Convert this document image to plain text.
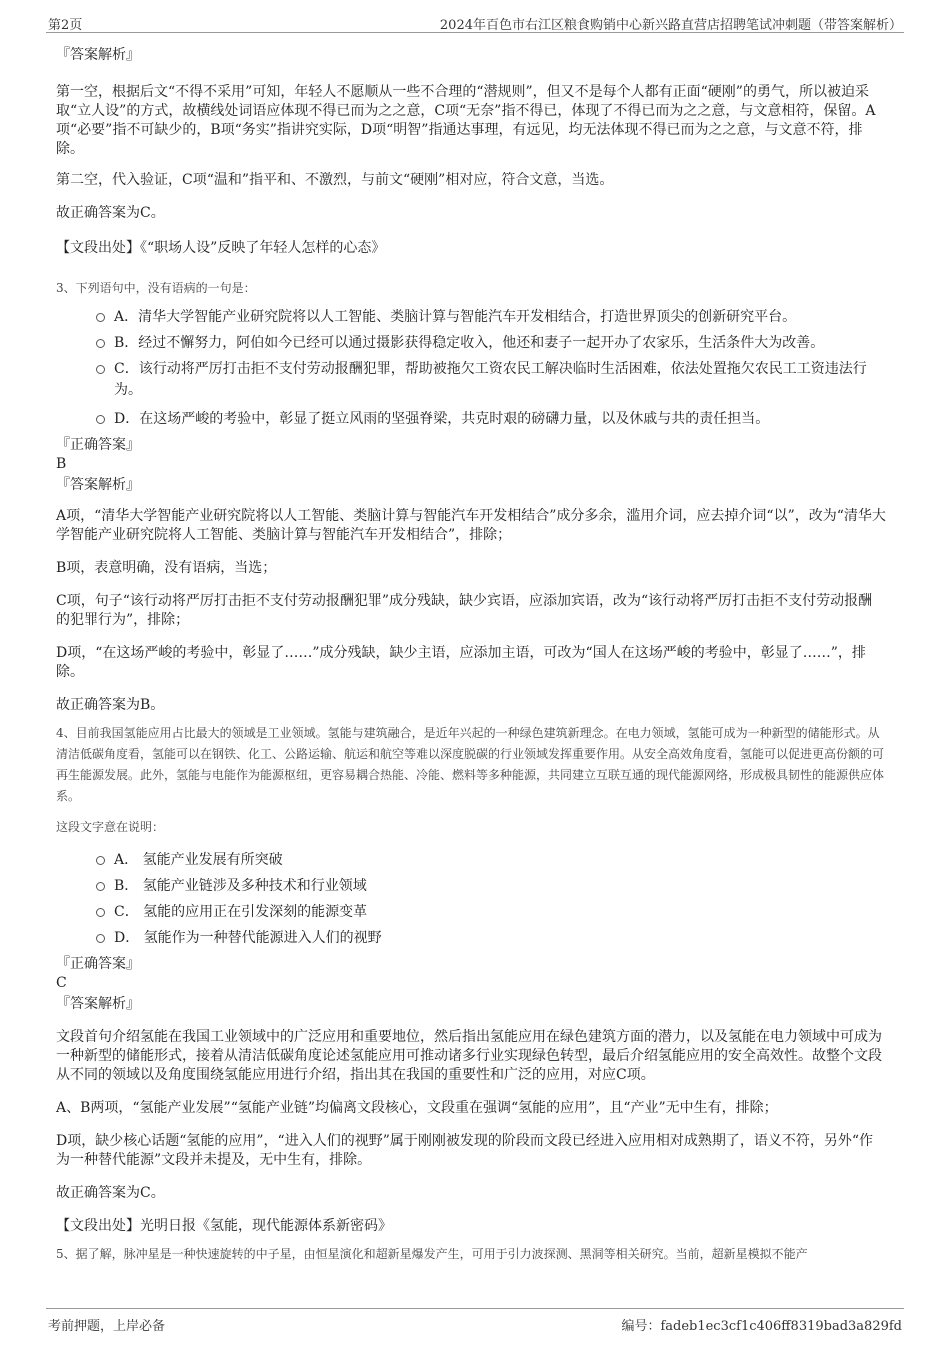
第2页	2024年百色市右江区粮食购销中心新兴路直营店招聘笔试冲刺题（带答案解析）

『答案解析』

第一空，根据后文“不得不采用”可知，年轻人不愿顺从一些不合理的“潜规则”，但又不是每个人都有正面“硬刚”的勇气，所以被迫采取“立人设”的方式，故横线处词语应体现不得已而为之之意，C项“无奈”指不得已，体现了不得已而为之之意，与文意相符，保留。A项“必要”指不可缺少的，B项“务实”指讲究实际，D项“明智”指通达事理，有远见，均无法体现不得已而为之之意，与文意不符，排除。

第二空，代入验证，C项“温和”指平和、不激烈，与前文“硬刚”相对应，符合文意，当选。

故正确答案为C。

【文段出处】《“职场人设”反映了年轻人怎样的心态》

3、下列语句中，没有语病的一句是：

A．清华大学智能产业研究院将以人工智能、类脑计算与智能汽车开发相结合，打造世界顶尖的创新研究平台。
B．经过不懈努力，阿伯如今已经可以通过摄影获得稳定收入，他还和妻子一起开办了农家乐，生活条件大为改善。
C．该行动将严厉打击拒不支付劳动报酬犯罪，帮助被拖欠工资农民工解决临时生活困难，依法处置拖欠农民工工资违法行为。
D．在这场严峻的考验中，彰显了挺立风雨的坚强脊梁，共克时艰的磅礴力量，以及休戚与共的责任担当。

『正确答案』

B

『答案解析』

A项，“清华大学智能产业研究院将以人工智能、类脑计算与智能汽车开发相结合”成分多余，滥用介词，应去掉介词“以”，改为“清华大学智能产业研究院将人工智能、类脑计算与智能汽车开发相结合”，排除；

B项，表意明确，没有语病，当选；

C项，句子“该行动将严厉打击拒不支付劳动报酬犯罪”成分残缺，缺少宾语，应添加宾语，改为“该行动将严厉打击拒不支付劳动报酬的犯罪行为”，排除；

D项，“在这场严峻的考验中，彰显了……”成分残缺，缺少主语，应添加主语，可改为“国人在这场严峻的考验中，彰显了……”，排除。

故正确答案为B。

4、目前我国氢能应用占比最大的领域是工业领域。氢能与建筑融合，是近年兴起的一种绿色建筑新理念。在电力领域，氢能可成为一种新型的储能形式。从清洁低碳角度看，氢能可以在钢铁、化工、公路运输、航运和航空等难以深度脱碳的行业领域发挥重要作用。从安全高效角度看，氢能可以促进更高份额的可再生能源发展。此外，氢能与电能作为能源枢纽，更容易耦合热能、冷能、燃料等多种能源，共同建立互联互通的现代能源网络，形成极具韧性的能源供应体系。

这段文字意在说明：

A． 氢能产业发展有所突破
B． 氢能产业链涉及多种技术和行业领域
C． 氢能的应用正在引发深刻的能源变革
D． 氢能作为一种替代能源进入人们的视野

『正确答案』

C

『答案解析』

文段首句介绍氢能在我国工业领域中的广泛应用和重要地位，然后指出氢能应用在绿色建筑方面的潜力，以及氢能在电力领域中可成为一种新型的储能形式，接着从清洁低碳角度论述氢能应用可推动诸多行业实现绿色转型，最后介绍氢能应用的安全高效性。故整个文段从不同的领域以及角度围绕氢能应用进行介绍，指出其在我国的重要性和广泛的应用，对应C项。

A、B两项，“氢能产业发展”“氢能产业链”均偏离文段核心，文段重在强调“氢能的应用”，且“产业”无中生有，排除；

D项，缺少核心话题“氢能的应用”，“进入人们的视野”属于刚刚被发现的阶段而文段已经进入应用相对成熟期了，语义不符，另外“作为一种替代能源”文段并未提及，无中生有，排除。

故正确答案为C。

【文段出处】光明日报《氢能，现代能源体系新密码》

5、据了解，脉冲星是一种快速旋转的中子星，由恒星演化和超新星爆发产生，可用于引力波探测、黑洞等相关研究。当前，超新星模拟不能产

考前押题，上岸必备	编号：fadeb1ec3cf1c406ff8319bad3a829fd
